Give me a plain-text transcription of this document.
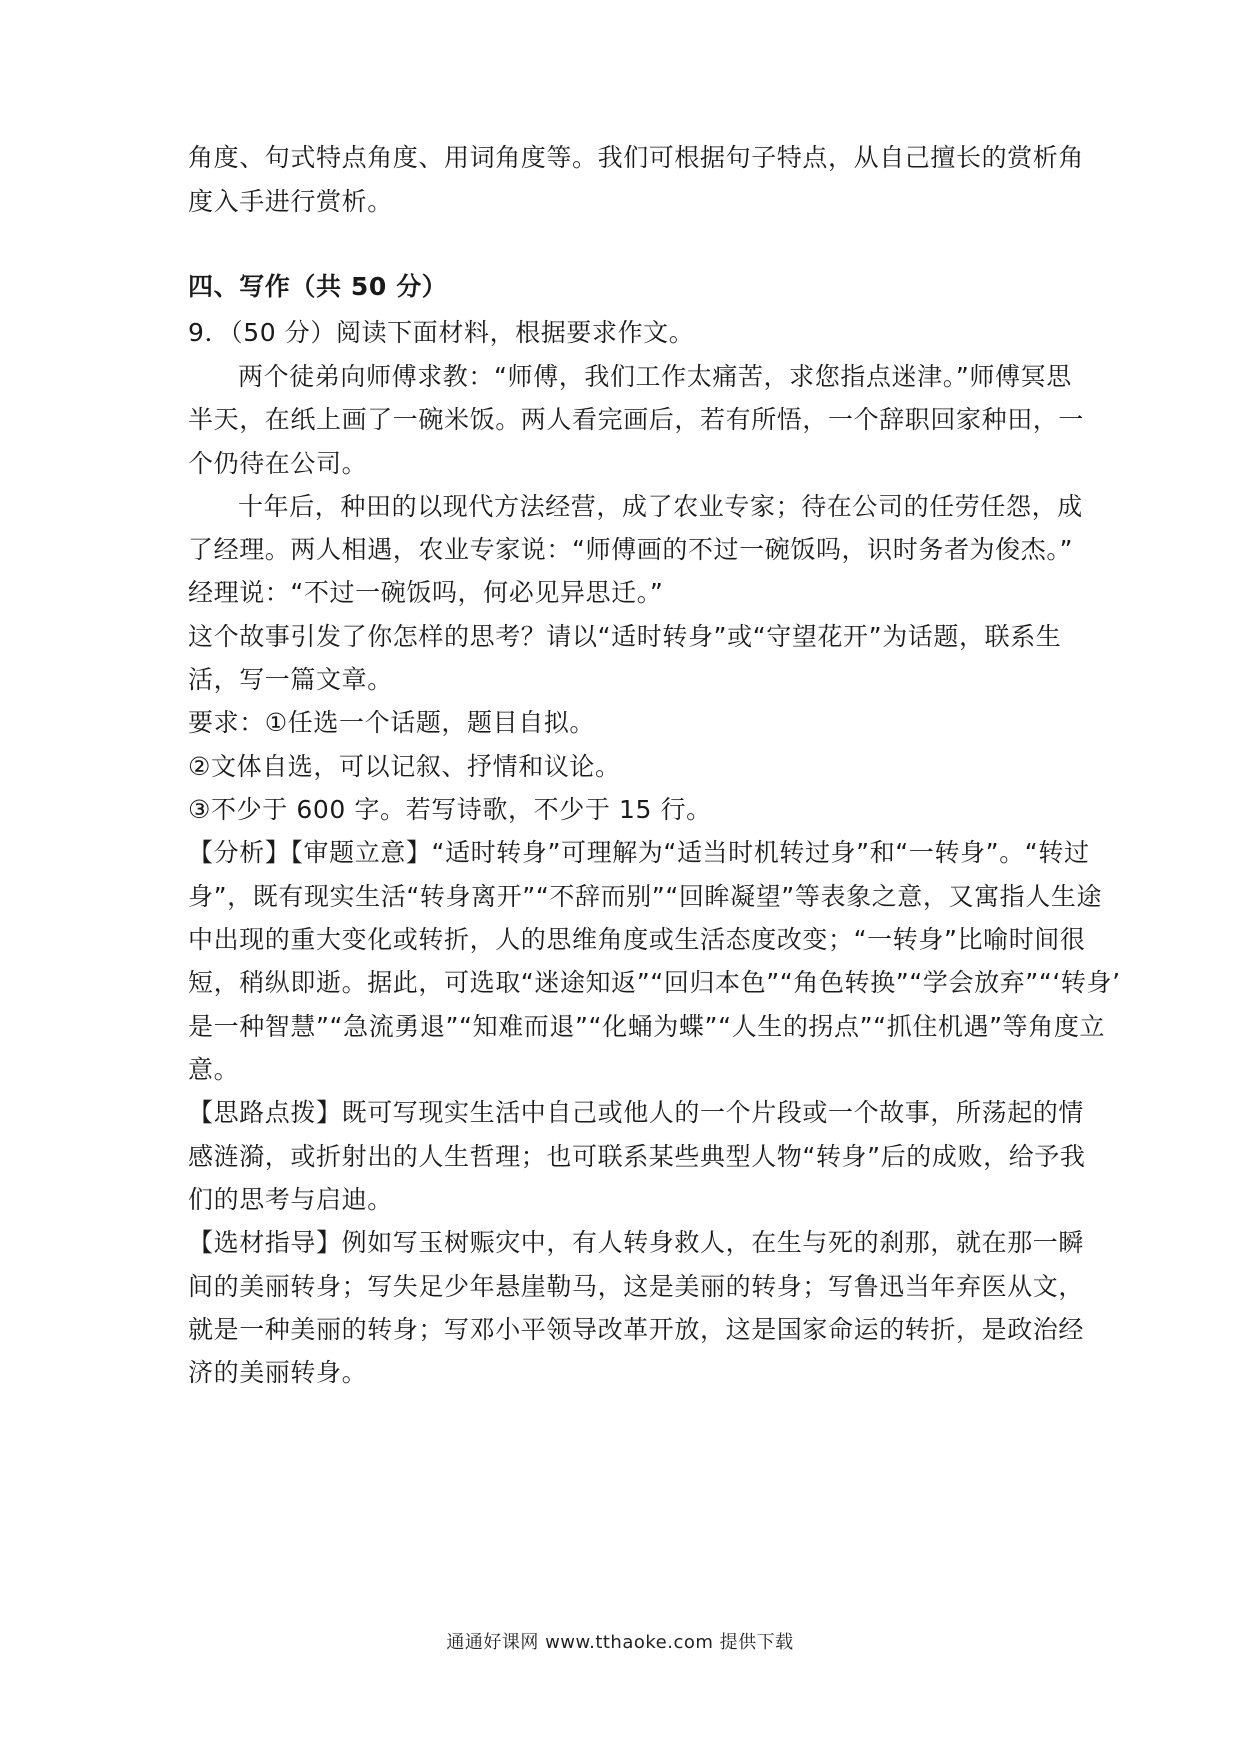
角度、句式特点角度、用词角度等。我们可根据句子特点，从自己擅长的赏析角
度入手进行赏析。
四、写作（共 50 分）
9．（50 分）阅读下面材料，根据要求作文。
两个徒弟向师傅求教：“师傅，我们工作太痛苦，求您指点迷津。”师傅冥思
半天，在纸上画了一碗米饭。两人看完画后，若有所悟，一个辞职回家种田，一
个仍待在公司。
十年后，种田的以现代方法经营，成了农业专家；待在公司的任劳任怨，成
了经理。两人相遇，农业专家说：“师傅画的不过一碗饭吗，识时务者为俊杰。”
经理说：“不过一碗饭吗，何必见异思迁。”
这个故事引发了你怎样的思考？请以“适时转身”或“守望花开”为话题，联系生
活，写一篇文章。
要求：①任选一个话题，题目自拟。
②文体自选，可以记叙、抒情和议论。
③不少于 600 字。若写诗歌，不少于 15 行。
【分析】【审题立意】“适时转身”可理解为“适当时机转过身”和“一转身”。“转过
身”，既有现实生活“转身离开”“不辞而别”“回眸凝望”等表象之意，又寓指人生途
中出现的重大变化或转折，人的思维角度或生活态度改变；“一转身”比喻时间很
短，稍纵即逝。据此，可选取“迷途知返”“回归本色”“角色转换”“学会放弃”“‘转身’
是一种智慧”“急流勇退”“知难而退”“化蛹为蝶”“人生的拐点”“抓住机遇”等角度立
意。
【思路点拨】既可写现实生活中自己或他人的一个片段或一个故事，所荡起的情
感涟漪，或折射出的人生哲理；也可联系某些典型人物“转身”后的成败，给予我
们的思考与启迪。
【选材指导】例如写玉树赈灾中，有人转身救人，在生与死的刹那，就在那一瞬
间的美丽转身；写失足少年悬崖勒马，这是美丽的转身；写鲁迅当年弃医从文，
就是一种美丽的转身；写邓小平领导改革开放，这是国家命运的转折，是政治经
济的美丽转身。
通通好课网 www.tthaoke.com 提供下载
